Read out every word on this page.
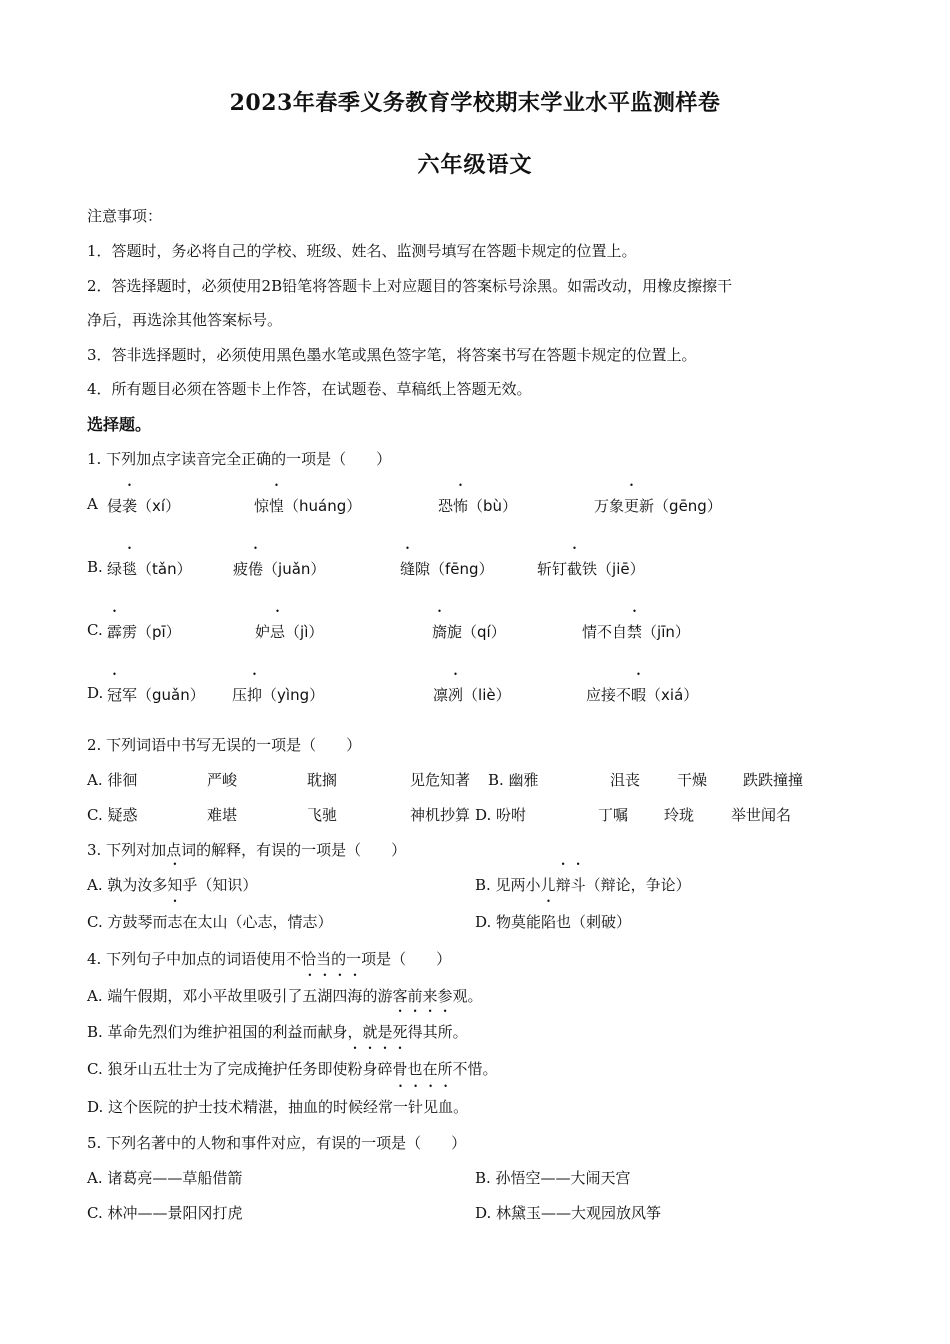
2023年春季义务教育学校期末学业水平监测样卷
六年级语文
注意事项：
1．答题时，务必将自己的学校、班级、姓名、监测号填写在答题卡规定的位置上。
2．答选择题时，必须使用2B铅笔将答题卡上对应题目的答案标号涂黑。如需改动，用橡皮擦擦干
净后，再选涂其他答案标号。
3．答非选择题时，必须使用黑色墨水笔或黑色签字笔，将答案书写在答题卡规定的位置上。
4．所有题目必须在答题卡上作答，在试题卷、草稿纸上答题无效。
选择题。
1. 下列加点字读音完全正确的一项是（　　）
A 侵袭（xí）	惊惶（huáng）	恐怖（bù）	万象更新（gēng）
B. 绿毯（tǎn）	疲倦（juǎn）	缝隙（fēng）	斩钉截铁（jiē）
C. 霹雳（pī）	妒忌（jì）	旖旎（qí）	情不自禁（jīn）
D. 冠军（guǎn） 压抑（yìng）	凛冽（liè）	应接不暇（xiá）
2. 下列词语中书写无误的一项是（　　）
A. 徘徊	严峻	耽搁	见危知著 B. 幽雅	沮丧 干燥 跌跌撞撞
C. 疑惑	难堪	飞驰	神机抄算 D. 吩咐	丁嘱 玲珑 举世闻名
3. 下列对加点词的解释，有误的一项是（　　）
A. 孰为汝多知乎（知识）	B. 见两小儿辩斗（辩论，争论）
C. 方鼓琴而志在太山（心志，情志）	D. 物莫能陷也（刺破）
4. 下列句子中加点的词语使用不恰当的一项是（　　）
A. 端午假期，邓小平故里吸引了五湖四海的游客前来参观。
B. 革命先烈们为维护祖国的利益而献身，就是死得其所。
C. 狼牙山五壮士为了完成掩护任务即使粉身碎骨也在所不惜。
D. 这个医院的护士技术精湛，抽血的时候经常一针见血。
5. 下列名著中的人物和事件对应，有误的一项是（　　）
A. 诸葛亮——草船借箭	B. 孙悟空——大闹天宫
C. 林冲——景阳冈打虎	D. 林黛玉——大观园放风筝
